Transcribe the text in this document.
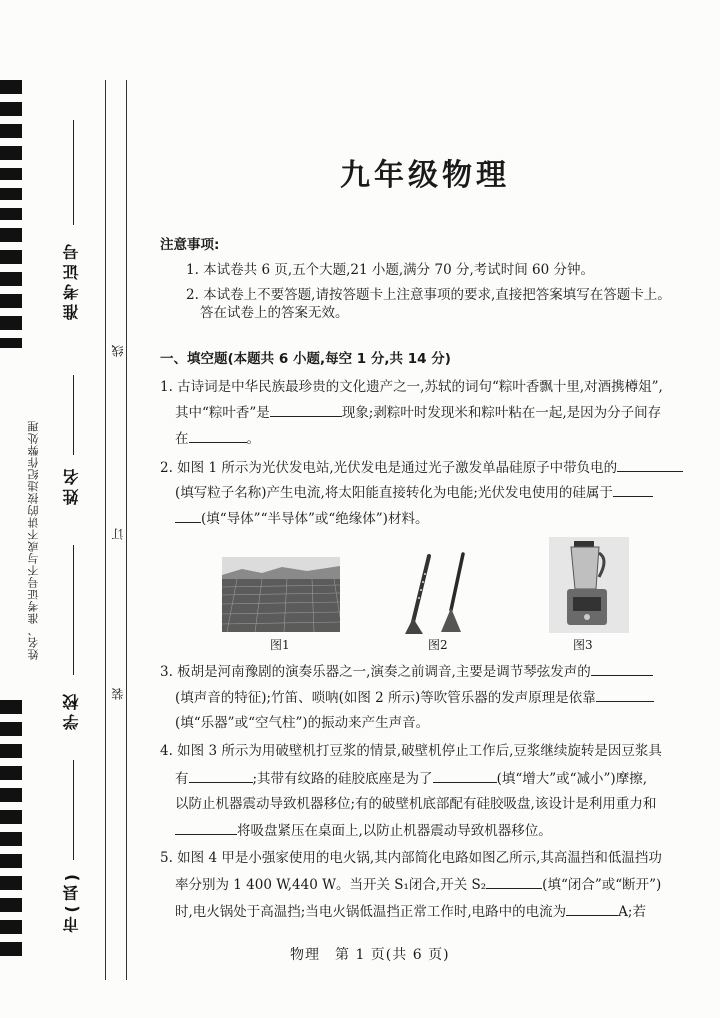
姓名、准考证号不与或不讲的按违纪作弊处理
准考证号
姓名
学校
市(县)
线
订
装
九年级物理
注意事项:
1. 本试卷共 6 页,五个大题,21 小题,满分 70 分,考试时间 60 分钟。
2. 本试卷上不要答题,请按答题卡上注意事项的要求,直接把答案填写在答题卡上。
答在试卷上的答案无效。
一、填空题(本题共 6 小题,每空 1 分,共 14 分)
1. 古诗词是中华民族最珍贵的文化遗产之一,苏轼的词句“粽叶香飘十里,对酒携樽俎”,
其中“粽叶香”是	现象;剥粽叶时发现米和粽叶粘在一起,是因为分子间存
在	。
2. 如图 1 所示为光伏发电站,光伏发电是通过光子激发单晶硅原子中带负电的
(填写粒子名称)产生电流,将太阳能直接转化为电能;光伏发电使用的硅属于
(填“导体”“半导体”或“绝缘体”)材料。
图1	图2	图3
3. 板胡是河南豫剧的演奏乐器之一,演奏之前调音,主要是调节琴弦发声的
(填声音的特征);竹笛、唢呐(如图 2 所示)等吹管乐器的发声原理是依靠
(填“乐器”或“空气柱”)的振动来产生声音。
4. 如图 3 所示为用破壁机打豆浆的情景,破壁机停止工作后,豆浆继续旋转是因豆浆具
有	;其带有纹路的硅胶底座是为了	(填“增大”或“减小”)摩擦,
以防止机器震动导致机器移位;有的破壁机底部配有硅胶吸盘,该设计是利用重力和
将吸盘紧压在桌面上,以防止机器震动导致机器移位。
5. 如图 4 甲是小强家使用的电火锅,其内部简化电路如图乙所示,其高温挡和低温挡功
率分别为 1 400 W,440 W。当开关 S₁闭合,开关 S₂	(填“闭合”或“断开”)
时,电火锅处于高温挡;当电火锅低温挡正常工作时,电路中的电流为	A;若
物理　第 1 页(共 6 页)
